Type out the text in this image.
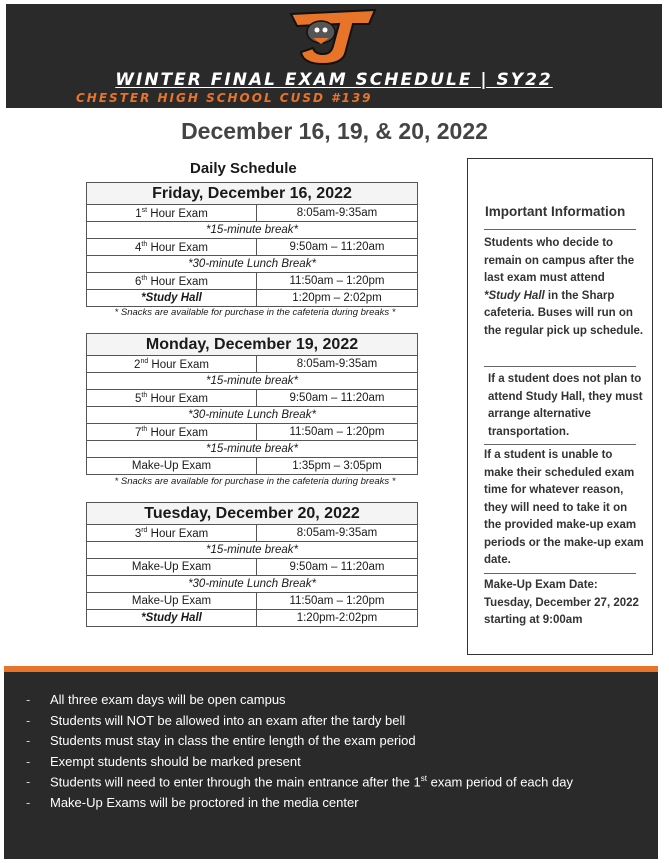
WINTER FINAL EXAM SCHEDULE | SY22
CHESTER HIGH SCHOOL CUSD #139
December 16, 19, & 20, 2022
Daily Schedule
Friday, December 16, 2022	
1st Hour Exam	8:05am-9:35am
*15-minute break*	
4th Hour Exam	9:50am – 11:20am
*30-minute Lunch Break*	
6th Hour Exam	11:50am – 1:20pm
*Study Hall	1:20pm – 2:02pm
* Snacks are available for purchase in the cafeteria during breaks *
Monday, December 19, 2022	
2nd Hour Exam	8:05am-9:35am
*15-minute break*	
5th Hour Exam	9:50am – 11:20am
*30-minute Lunch Break*	
7th Hour Exam	11:50am – 1:20pm
*15-minute break*	
Make-Up Exam	1:35pm – 3:05pm
* Snacks are available for purchase in the cafeteria during breaks *
Tuesday, December 20, 2022	
3rd Hour Exam	8:05am-9:35am
*15-minute break*	
Make-Up Exam	9:50am – 11:20am
*30-minute Lunch Break*	
Make-Up Exam	11:50am – 1:20pm
*Study Hall	1:20pm-2:02pm
Important Information
Students who decide to remain on campus after the last exam must attend *Study Hall in the Sharp cafeteria. Buses will run on the regular pick up schedule.
If a student does not plan to attend Study Hall, they must arrange alternative transportation.
If a student is unable to make their scheduled exam time for whatever reason, they will need to take it on the provided make-up exam periods or the make-up exam date.
Make-Up Exam Date: Tuesday, December 27, 2022 starting at 9:00am
- All three exam days will be open campus
- Students will NOT be allowed into an exam after the tardy bell
- Students must stay in class the entire length of the exam period
- Exempt students should be marked present
- Students will need to enter through the main entrance after the 1st exam period of each day
- Make-Up Exams will be proctored in the media center
